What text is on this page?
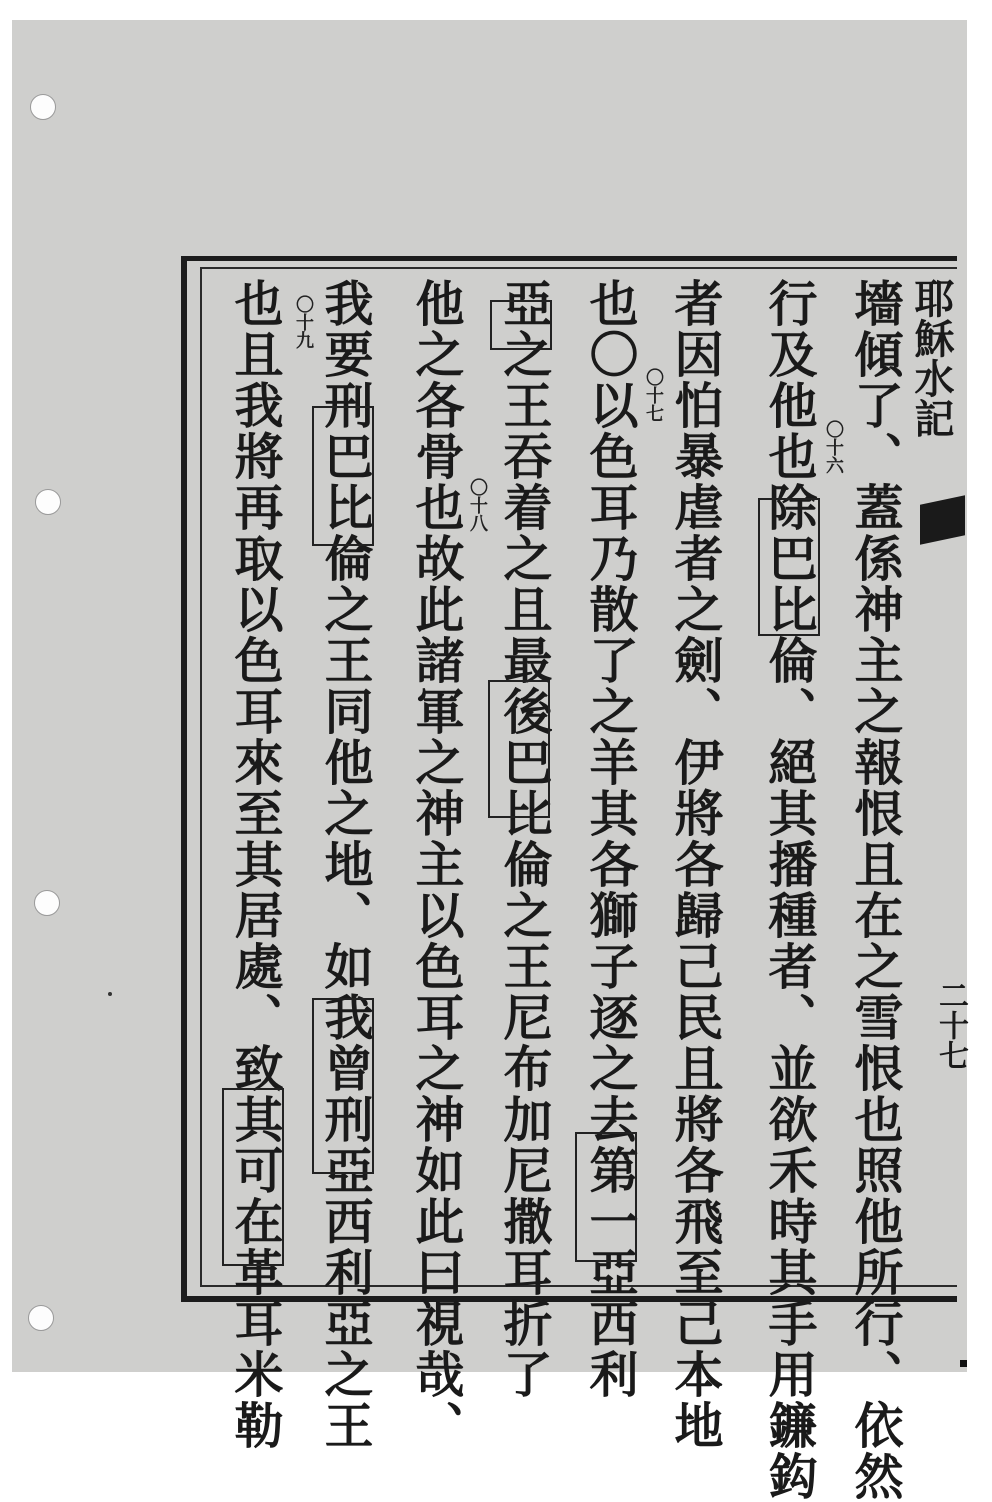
耶穌水記
二十七
墻傾了、蓋係神主之報恨且在之雪恨也照他所行、依然
行及他也除巴比倫、絕其播種者、並欲禾時其手用鐮鈎
者因怕暴虐者之劍、伊將各歸己民且將各飛至己本地
也〇以色耳乃散了之羊其各獅子逐之去第一亞西利
亞之王吞着之且最後巴比倫之王尼布加尼撒耳折了
他之各骨也故此諸軍之神主以色耳之神如此曰視哉、
我要刑巴比倫之王同他之地、如我曾刑亞西利亞之王
也且我將再取以色耳來至其居處、致其可在革耳米勒	〇十六
〇十七
〇十八
〇十九
